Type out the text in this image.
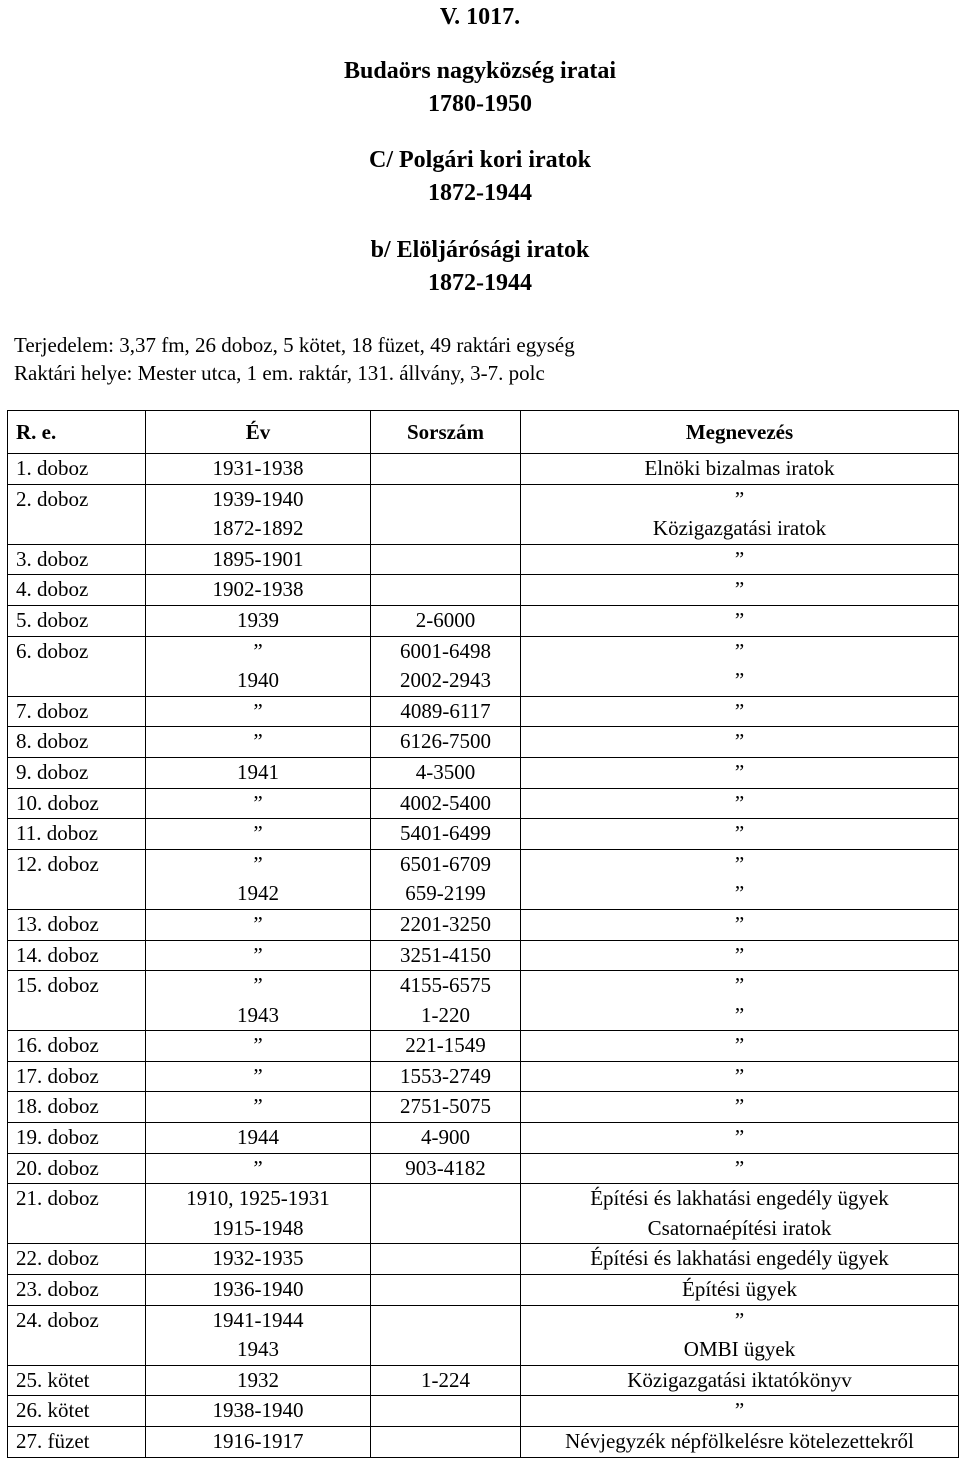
V. 1017.
Budaörs nagyközség iratai
1780-1950
C/ Polgári kori iratok
1872-1944
b/ Elöljárósági iratok
1872-1944
Terjedelem: 3,37 fm, 26 doboz, 5 kötet, 18 füzet, 49 raktári egység
Raktári helye: Mester utca, 1 em. raktár, 131. állvány, 3-7. polc
R. e.	Év	Sorszám	Megnevezés
1. doboz	1931-1938		Elnöki bizalmas iratok
2. doboz	1939-1940		”
	1872-1892		Közigazgatási iratok
3. doboz	1895-1901		”
4. doboz	1902-1938		”
5. doboz	1939	2-6000	”
6. doboz	”	6001-6498	”
	1940	2002-2943	”
7. doboz	”	4089-6117	”
8. doboz	”	6126-7500	”
9. doboz	1941	4-3500	”
10. doboz	”	4002-5400	”
11. doboz	”	5401-6499	”
12. doboz	”	6501-6709	”
	1942	659-2199	”
13. doboz	”	2201-3250	”
14. doboz	”	3251-4150	”
15. doboz	”	4155-6575	”
	1943	1-220	”
16. doboz	”	221-1549	”
17. doboz	”	1553-2749	”
18. doboz	”	2751-5075	”
19. doboz	1944	4-900	”
20. doboz	”	903-4182	”
21. doboz	1910, 1925-1931		Építési és lakhatási engedély ügyek
	1915-1948		Csatornaépítési iratok
22. doboz	1932-1935		Építési és lakhatási engedély ügyek
23. doboz	1936-1940		Építési ügyek
24. doboz	1941-1944		”
	1943		OMBI ügyek
25. kötet	1932	1-224	Közigazgatási iktatókönyv
26. kötet	1938-1940		”
27. füzet	1916-1917		Névjegyzék népfölkelésre kötelezettekről
